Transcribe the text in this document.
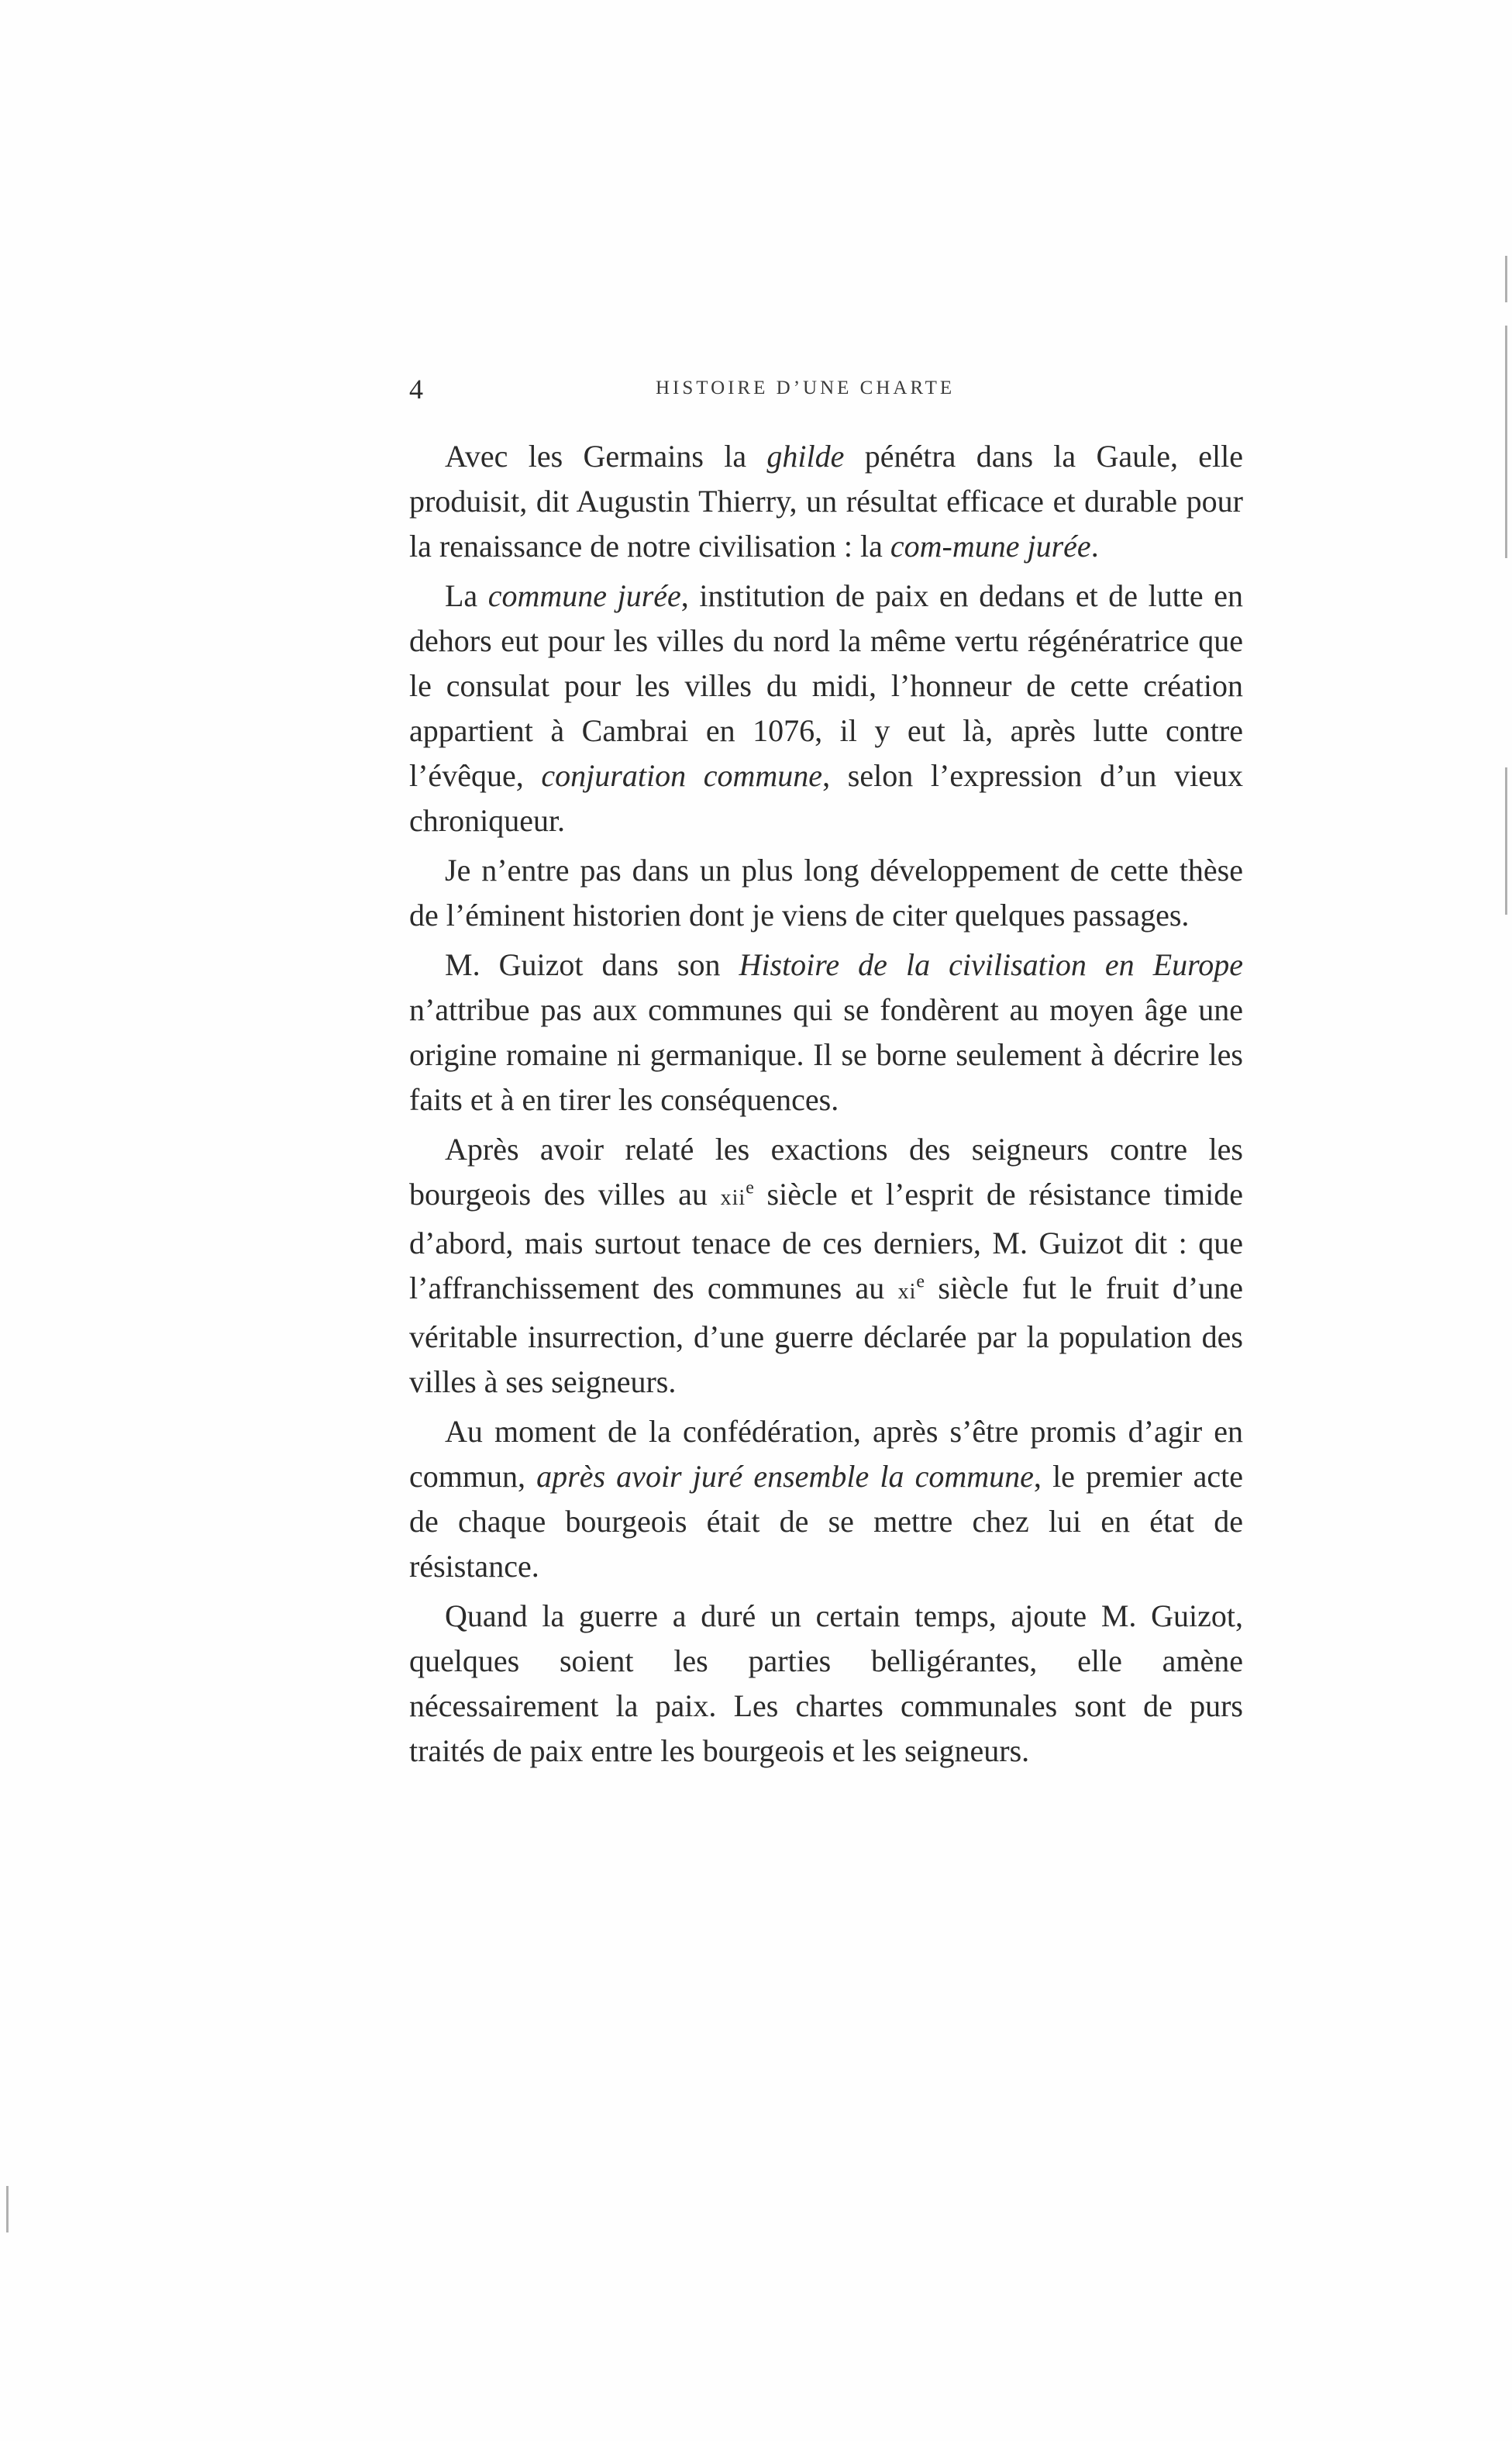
4	HISTOIRE D’UNE CHARTE

Avec les Germains la ghilde pénétra dans la Gaule, elle produisit, dit Augustin Thierry, un résultat efficace et durable pour la renaissance de notre civilisation : la com-mune jurée.

La commune jurée, institution de paix en dedans et de lutte en dehors eut pour les villes du nord la même vertu régénératrice que le consulat pour les villes du midi, l’honneur de cette création appartient à Cambrai en 1076, il y eut là, après lutte contre l’évêque, conjuration commune, selon l’expression d’un vieux chroniqueur.

Je n’entre pas dans un plus long développement de cette thèse de l’éminent historien dont je viens de citer quelques passages.

M. Guizot dans son Histoire de la civilisation en Europe n’attribue pas aux communes qui se fondèrent au moyen âge une origine romaine ni germanique. Il se borne seulement à décrire les faits et à en tirer les conséquences.

Après avoir relaté les exactions des seigneurs contre les bourgeois des villes au xii$^e$ siècle et l’esprit de résistance timide d’abord, mais surtout tenace de ces derniers, M. Guizot dit : que l’affranchissement des communes au $xi^e$ siècle fut le fruit d’une véritable insurrection, d’une guerre déclarée par la population des villes à ses seigneurs.

Au moment de la confédération, après s’être promis d’agir en commun, après avoir juré ensemble la commune, le premier acte de chaque bourgeois était de se mettre chez lui en état de résistance.

Quand la guerre a duré un certain temps, ajoute M. Guizot, quelques soient les parties belligérantes, elle amène nécessairement la paix. Les chartes communales sont de purs traités de paix entre les bourgeois et les seigneurs.
